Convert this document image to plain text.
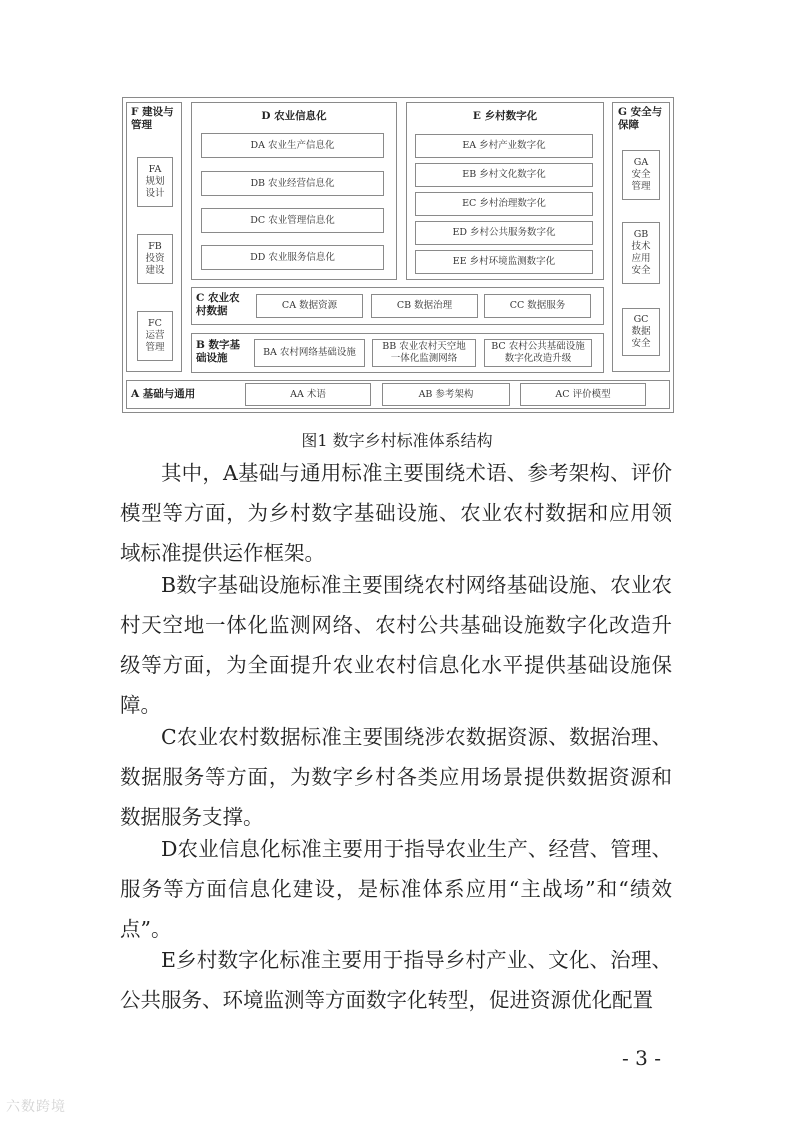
F 建设与
管理
FA
规划
设计
FB
投资
建设
FC
运营
管理
D 农业信息化
DA 农业生产信息化
DB 农业经营信息化
DC 农业管理信息化
DD 农业服务信息化
E 乡村数字化
EA 乡村产业数字化
EB 乡村文化数字化
EC 乡村治理数字化
ED 乡村公共服务数字化
EE 乡村环境监测数字化
G 安全与
保障
GA
安全
管理
GB
技术
应用
安全
GC
数据
安全
C 农业农
村数据	CA 数据资源	CB 数据治理	CC 数据服务
B 数字基
础设施	BA 农村网络基础设施
BB 农业农村天空地
一体化监测网络
BC 农村公共基础设施
数字化改造升级
A 基础与通用	AA 术语	AB 参考架构	AC 评价模型
图1 数字乡村标准体系结构

其中，A基础与通用标准主要围绕术语、参考架构、评价模型等方面，为乡村数字基础设施、农业农村数据和应用领域标准提供运作框架。

B数字基础设施标准主要围绕农村网络基础设施、农业农村天空地一体化监测网络、农村公共基础设施数字化改造升级等方面，为全面提升农业农村信息化水平提供基础设施保障。

C农业农村数据标准主要围绕涉农数据资源、数据治理、数据服务等方面，为数字乡村各类应用场景提供数据资源和数据服务支撑。

D农业信息化标准主要用于指导农业生产、经营、管理、服务等方面信息化建设，是标准体系应用“主战场”和“绩效点”。

E乡村数字化标准主要用于指导乡村产业、文化、治理、公共服务、环境监测等方面数字化转型，促进资源优化配置

- 3 -
六数跨境
